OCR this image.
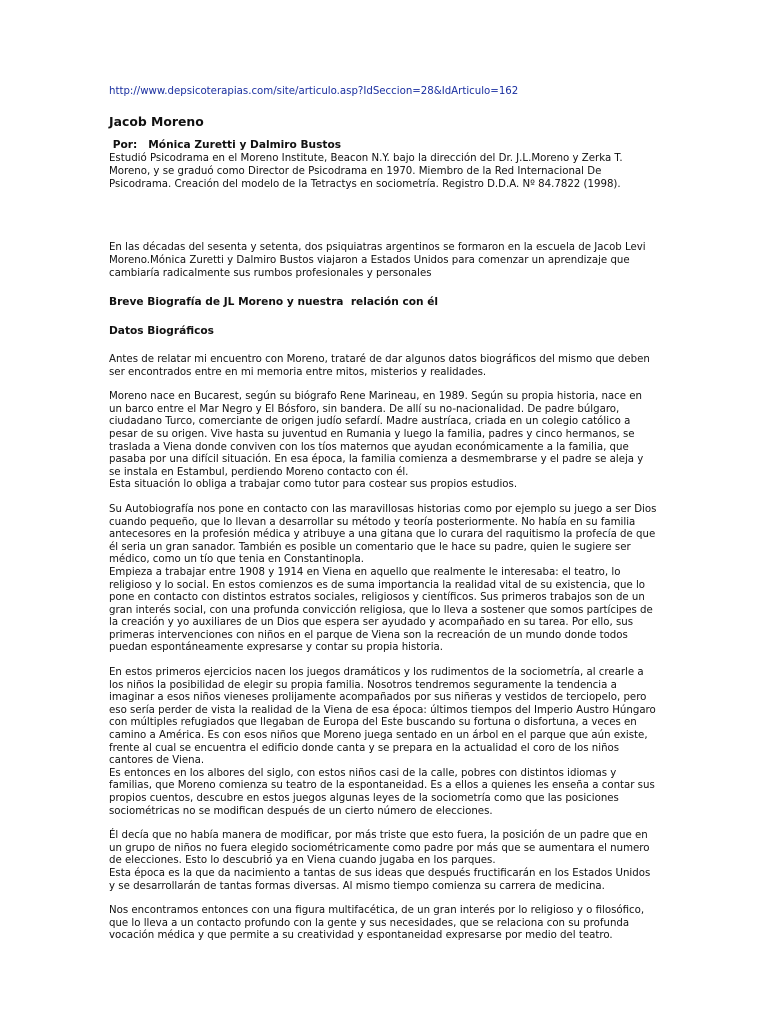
http://www.depsicoterapias.com/site/articulo.asp?IdSeccion=28&IdArticulo=162

Jacob Moreno

Por:   Mónica Zuretti y Dalmiro Bustos

Estudió Psicodrama en el Moreno Institute, Beacon N.Y. bajo la dirección del Dr. J.L.Moreno y Zerka T. Moreno, y se graduó como Director de Psicodrama en 1970. Miembro de la Red Internacional De Psicodrama. Creación del modelo de la Tetractys en sociometría. Registro D.D.A. Nº 84.7822 (1998).

En las décadas del sesenta y setenta, dos psiquiatras argentinos se formaron en la escuela de Jacob Levi Moreno.Mónica Zuretti y Dalmiro Bustos viajaron a Estados Unidos para comenzar un aprendizaje que cambiaría radicalmente sus rumbos profesionales y personales

Breve Biografía de JL Moreno y nuestra  relación con él

Datos Biográficos

Antes de relatar mi encuentro con Moreno, trataré de dar algunos datos biográficos del mismo que deben ser encontrados entre en mi memoria entre mitos, misterios y realidades.
Moreno nace en Bucarest, según su biógrafo Rene Marineau, en 1989. Según su propia historia, nace en un barco entre el Mar Negro y El Bósforo, sin bandera. De allí su no-nacionalidad. De padre búlgaro, ciudadano Turco, comerciante de origen judío sefardí. Madre austríaca, criada en un colegio católico a pesar de su origen. Vive hasta su juventud en Rumania y luego la familia, padres y cinco hermanos, se traslada a Viena donde conviven con los tíos maternos que ayudan económicamente a la familia, que pasaba por una difícil situación. En esa época, la familia comienza a desmembrarse y el padre se aleja y se instala en Estambul, perdiendo Moreno contacto con él.
Esta situación lo obliga a trabajar como tutor para costear sus propios estudios.
Su Autobiografía nos pone en contacto con las maravillosas historias como por ejemplo su juego a ser Dios cuando pequeño, que lo llevan a desarrollar su método y teoría posteriormente. No había en su familia antecesores en la profesión médica y atribuye a una gitana que lo curara del raquitismo la profecía de que él seria un gran sanador. También es posible un comentario que le hace su padre, quien le sugiere ser médico, como un tío que tenia en Constantinopla.
Empieza a trabajar entre 1908 y 1914 en Viena en aquello que realmente le interesaba: el teatro, lo religioso y lo social. En estos comienzos es de suma importancia la realidad vital de su existencia, que lo pone en contacto con distintos estratos sociales, religiosos y científicos. Sus primeros trabajos son de un gran interés social, con una profunda convicción religiosa, que lo lleva a sostener que somos partícipes de la creación y yo auxiliares de un Dios que espera ser ayudado y acompañado en su tarea. Por ello, sus primeras intervenciones con niños en el parque de Viena son la recreación de un mundo donde todos puedan espontáneamente expresarse y contar su propia historia.
En estos primeros ejercicios nacen los juegos dramáticos y los rudimentos de la sociometría, al crearle a los niños la posibilidad de elegir su propia familia. Nosotros tendremos seguramente la tendencia a imaginar a esos niños vieneses prolijamente acompañados por sus niñeras y vestidos de terciopelo, pero eso sería perder de vista la realidad de la Viena de esa época: últimos tiempos del Imperio Austro Húngaro con múltiples refugiados que llegaban de Europa del Este buscando su fortuna o disfortuna, a veces en camino a América. Es con esos niños que Moreno juega sentado en un árbol en el parque que aún existe, frente al cual se encuentra el edificio donde canta y se prepara en la actualidad el coro de los niños cantores de Viena.
Es entonces en los albores del siglo, con estos niños casi de la calle, pobres con distintos idiomas y familias, que Moreno comienza su teatro de la espontaneidad. Es a ellos a quienes les enseña a contar sus propios cuentos, descubre en estos juegos algunas leyes de la sociometría como que las posiciones sociométricas no se modifican después de un cierto número de elecciones.
Él decía que no había manera de modificar, por más triste que esto fuera, la posición de un padre que en un grupo de niños no fuera elegido sociométricamente como padre por más que se aumentara el numero de elecciones. Esto lo descubrió ya en Viena cuando jugaba en los parques.
Esta época es la que da nacimiento a tantas de sus ideas que después fructificarán en los Estados Unidos y se desarrollarán de tantas formas diversas. Al mismo tiempo comienza su carrera de medicina.
Nos encontramos entonces con una figura multifacética, de un gran interés por lo religioso y o filosófico, que lo lleva a un contacto profundo con la gente y sus necesidades, que se relaciona con su profunda vocación médica y que permite a su creatividad y espontaneidad expresarse por medio del teatro.
